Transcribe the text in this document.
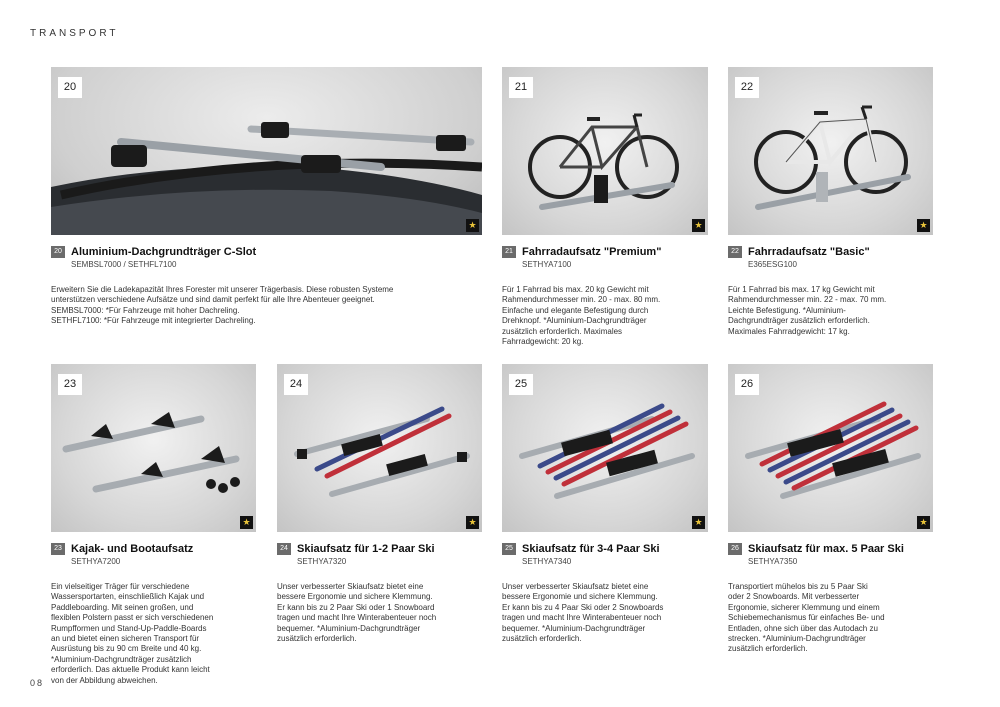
TRANSPORT
20
★
20 Aluminium-Dachgrundträger C-Slot
SEMBSL7000 / SETHFL7100
Erweitern Sie die Ladekapazität Ihres Forester mit unserer Trägerbasis. Diese robusten Systeme
unterstützen verschiedene Aufsätze und sind damit perfekt für alle Ihre Abenteuer geeignet.
SEMBSL7000: *Für Fahrzeuge mit hoher Dachreling.
SETHFL7100: *Für Fahrzeuge mit integrierter Dachreling.
21
★
21 Fahrradaufsatz "Premium"
SETHYA7100
Für 1 Fahrrad bis max. 20 kg Gewicht mit
Rahmendurchmesser min. 20 - max. 80 mm.
Einfache und elegante Befestigung durch
Drehknopf. *Aluminium-Dachgrundträger
zusätzlich erforderlich. Maximales
Fahrradgewicht: 20 kg.
22
★
22 Fahrradaufsatz "Basic"
E365ESG100
Für 1 Fahrrad bis max. 17 kg Gewicht mit
Rahmendurchmesser min. 22 - max. 70 mm.
Leichte Befestigung. *Aluminium-
Dachgrundträger zusätzlich erforderlich.
Maximales Fahrradgewicht: 17 kg.
23
★
23 Kajak- und Bootaufsatz
SETHYA7200
Ein vielseitiger Träger für verschiedene
Wassersportarten, einschließlich Kajak und
Paddleboarding. Mit seinen großen, und
flexiblen Polstern passt er sich verschiedenen
Rumpfformen und Stand-Up-Paddle-Boards
an und bietet einen sicheren Transport für
Ausrüstung bis zu 90 cm Breite und 40 kg.
*Aluminium-Dachgrundträger zusätzlich
erforderlich. Das aktuelle Produkt kann leicht
von der Abbildung abweichen.
24
★
24 Skiaufsatz für 1-2 Paar Ski
SETHYA7320
Unser verbesserter Skiaufsatz bietet eine
bessere Ergonomie und sichere Klemmung.
Er kann bis zu 2 Paar Ski oder 1 Snowboard
tragen und macht Ihre Winterabenteuer noch
bequemer. *Aluminium-Dachgrundträger
zusätzlich erforderlich.
25
★
25 Skiaufsatz für 3-4 Paar Ski
SETHYA7340
Unser verbesserter Skiaufsatz bietet eine
bessere Ergonomie und sichere Klemmung.
Er kann bis zu 4 Paar Ski oder 2 Snowboards
tragen und macht Ihre Winterabenteuer noch
bequemer. *Aluminium-Dachgrundträger
zusätzlich erforderlich.
26
★
26 Skiaufsatz für max. 5 Paar Ski
SETHYA7350
Transportiert mühelos bis zu 5 Paar Ski
oder 2 Snowboards. Mit verbesserter
Ergonomie, sicherer Klemmung und einem
Schiebemechanismus für einfaches Be- und
Entladen, ohne sich über das Autodach zu
strecken. *Aluminium-Dachgrundträger
zusätzlich erforderlich.
08
